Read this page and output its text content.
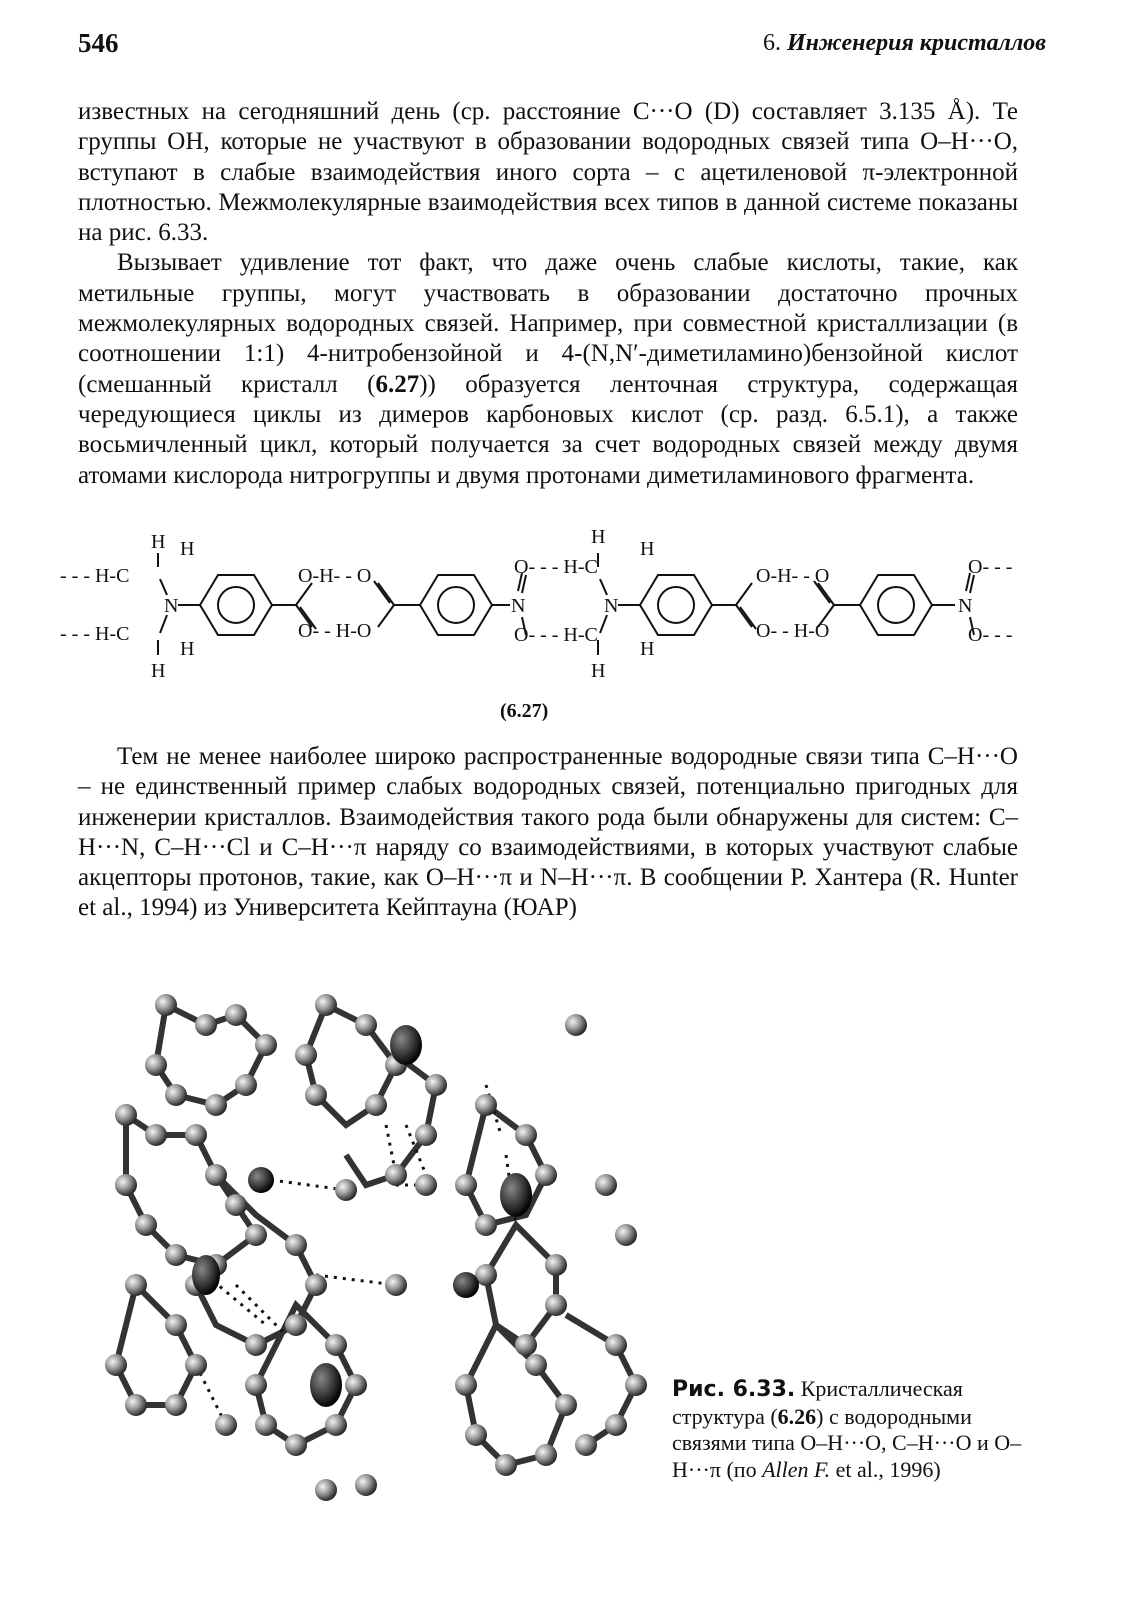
546	6. Инженерия кристаллов

известных на сегодняшний день (ср. расстояние C···O (D) составляет 3.135 Å). Те группы OH, которые не участвуют в образовании водородных связей типа O–H···O, вступают в слабые взаимодействия иного сорта – с ацетиленовой π-электронной плотностью. Межмолекулярные взаимодействия всех типов в данной системе показаны на рис. 6.33.

Вызывает удивление тот факт, что даже очень слабые кислоты, такие, как метильные группы, могут участвовать в образовании достаточно прочных межмолекулярных водородных связей. Например, при совместной кристаллизации (в соотношении 1:1) 4-нитробензойной и 4-(N,N′-диметиламино)бензойной кислот (смешанный кристалл (6.27)) образуется ленточная структура, содержащая чередующиеся циклы из димеров карбоновых кислот (ср. разд. 6.5.1), а также восьмичленный цикл, который получается за счет водородных связей между двумя атомами кислорода нитрогруппы и двумя протонами диметиламинового фрагмента.

H H
- - - H-C
N
- - - H-C
H
H
O-H- - O
O- - H-O
N
O- - - H-C
O- - - H-C
H
H
N
H
H
O-H- - O
O- - H-O
N
O- - -
O- - -
(6.27)

Тем не менее наиболее широко распространенные водородные связи типа C–H···O – не единственный пример слабых водородных связей, потенциально пригодных для инженерии кристаллов. Взаимодействия такого рода были обнаружены для систем: C–H···N, C–H···Cl и C–H···π наряду со взаимодействиями, в которых участвуют слабые акцепторы протонов, такие, как O–H···π и N–H···π. В сообщении Р. Хантера (R. Hunter et al., 1994) из Университета Кейптауна (ЮАР)

Рис. 6.33. Кристаллическая структура (6.26) с водородными связями типа O–H···O, C–H···O и O–H···π (по Allen F. et al., 1996)
